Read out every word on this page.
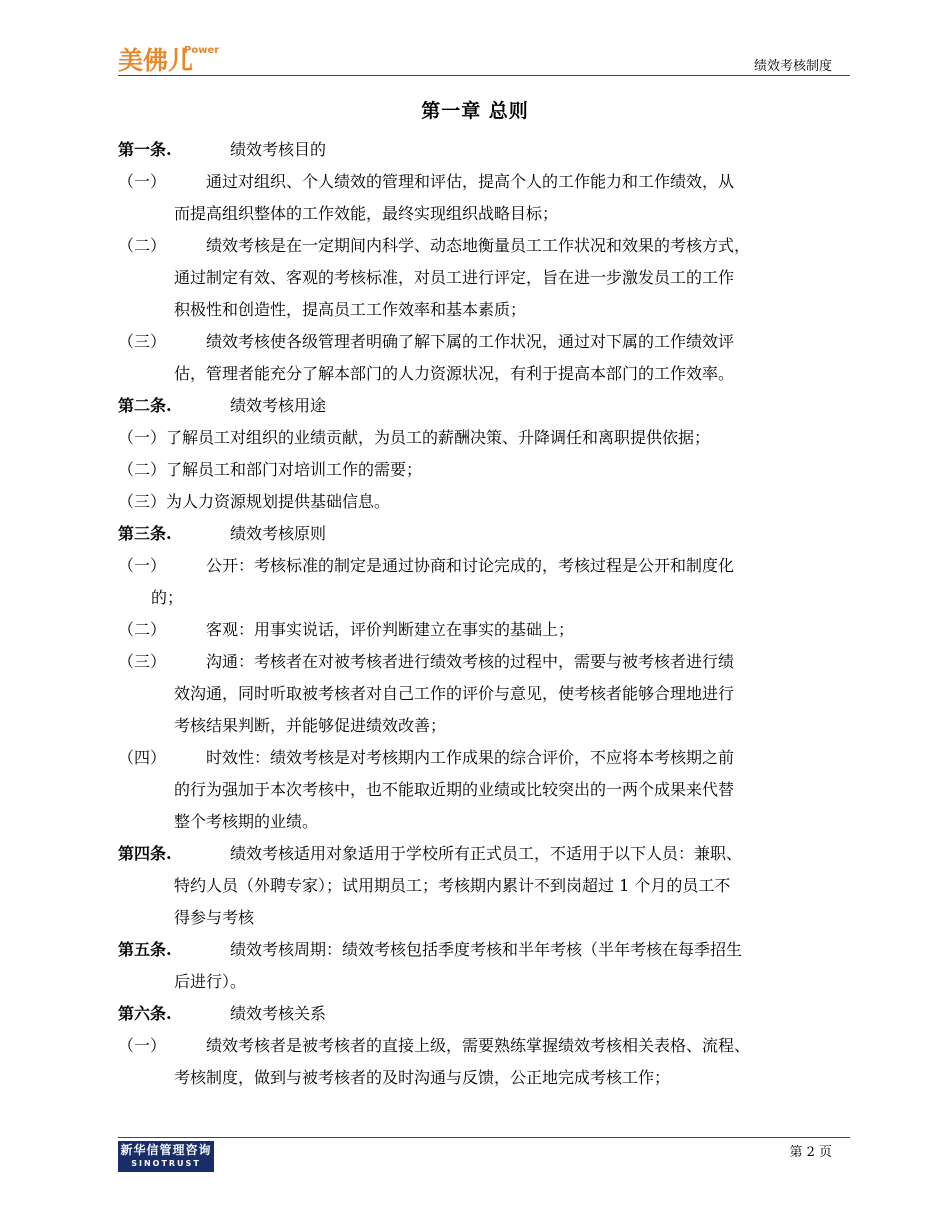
美佛儿
Power
绩效考核制度
第一章 总则
第一条.	绩效考核目的
（一） 通过对组织、个人绩效的管理和评估，提高个人的工作能力和工作绩效，从
而提高组织整体的工作效能，最终实现组织战略目标；
（二） 绩效考核是在一定期间内科学、动态地衡量员工工作状况和效果的考核方式，
通过制定有效、客观的考核标准，对员工进行评定，旨在进一步激发员工的工作
积极性和创造性，提高员工工作效率和基本素质；
（三） 绩效考核使各级管理者明确了解下属的工作状况，通过对下属的工作绩效评
估，管理者能充分了解本部门的人力资源状况，有利于提高本部门的工作效率。
第二条.	绩效考核用途
（一）了解员工对组织的业绩贡献，为员工的薪酬决策、升降调任和离职提供依据；
（二）了解员工和部门对培训工作的需要；
（三）为人力资源规划提供基础信息。
第三条.	绩效考核原则
（一） 公开：考核标准的制定是通过协商和讨论完成的，考核过程是公开和制度化
的；
（二） 客观：用事实说话，评价判断建立在事实的基础上；
（三） 沟通：考核者在对被考核者进行绩效考核的过程中，需要与被考核者进行绩
效沟通，同时听取被考核者对自己工作的评价与意见，使考核者能够合理地进行
考核结果判断，并能够促进绩效改善；
（四） 时效性：绩效考核是对考核期内工作成果的综合评价，不应将本考核期之前
的行为强加于本次考核中，也不能取近期的业绩或比较突出的一两个成果来代替
整个考核期的业绩。
第四条.	绩效考核适用对象适用于学校所有正式员工，不适用于以下人员：兼职、
特约人员（外聘专家）；试用期员工；考核期内累计不到岗超过 1 个月的员工不
得参与考核
第五条.	绩效考核周期：绩效考核包括季度考核和半年考核（半年考核在每季招生
后进行）。
第六条.	绩效考核关系
（一） 绩效考核者是被考核者的直接上级，需要熟练掌握绩效考核相关表格、流程、
考核制度，做到与被考核者的及时沟通与反馈，公正地完成考核工作；
新华信管理咨询
SINOTRUST
第 2 页
